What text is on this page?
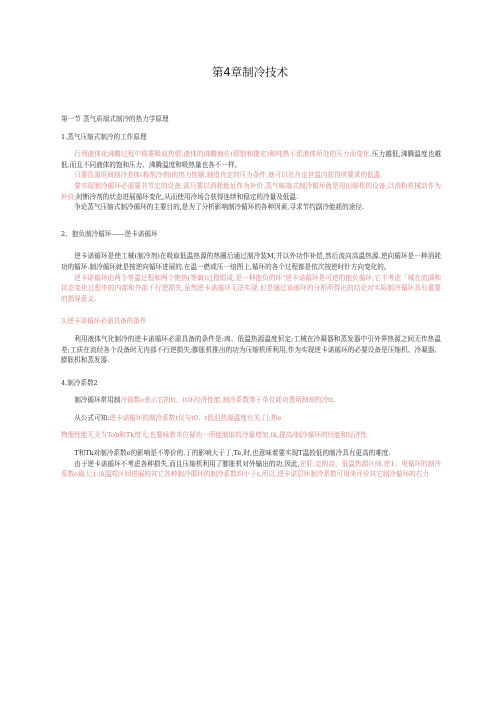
第4章制冷技术

第一节 蒸气质端式制冷的热力学原理

1.蒸气压缩式制冷的工作原理

行利液体化沸腾过程中将要吸取热情,液体的沸腾海佐(即饱和提宏)和吨热不派液体所处的压力而变化.压力越低,沸腾温度也越低.而且不同液体的饱和压力、沸腾温度和吸热量也各不一样。

只要资源用间制冷差体(称剂冷剂)的热力性顺.制造肖定的压力条件,就可以在肖定世温内获得所要求的低温.

要实现制冷循环必需要书节定的设备,需只要以消耗能址作为补价.蒸气味端式制冷循环就是用田缩机的设备,以消粉机械动作为补价,时断冷剂的状态进展循环变化,从而使用冷场合获得连续和稳定的冷量及低温.

争论蒸气压缩式制冷循环的主要目的,是为了分析影响制冷循环的各种因素,寻求节约副冷能耗的途径.

2、抱负制冷循环——逆卡诺循环

逆卡诺循环是使工械(制冷剂)在吸取低温热源的热圈后通过制冷装M,并以外功作补偿,然后流向高温热源.逆向循环是一种消耗功的循环.制冷循环就是按逆向循环进展的.在温一燃或压一焙图上,循环的各个过程都是依次按逆时针方向变化的。

逆卡诺循环由两个等温过程和两个绝热(等熵)过程组成,是一种抱负的环"逆卡诺循环是可逆的抱负循环,它不考虑「城在流满和状态变化过程中的内部和外部不行逆损失,虽然逆卡诺循环无法实现.但是通过该循环的分析所得出的结论对实际制冷循环具有重要的指导意义.

3,逆卡诺循环必需具备的条件

利用液体气化制冷的逆卡诺循环必需具备的条件是:肉、低温热源温度恒定;工械在冷凝器和蒸发器中引外界热源之间无传热温差;工质在流经各个设备时无内部不行逆损失;膨胀机推出的功为压缩机所利用,作为实现逆卡诺循环的必要设备是压缩机、冷凝器、膨胀机和蒸发器.

4.制冷系数2

制冷循环常用制冷裁数e表示它的tt、tt环经济性能,制冷系数等于单位耗功费所制却的冷tt.

从公式可知:逆卡诺循环的制冷系数t仅与t0、t低沮热源温度有关,门:热e

物理性能无关当Tob和Tk增大,也要咏着单位疑功一所能制取的冷量增加,tk,提高/制冷循环的经能和经济性.

T和Tk对制冷系数e的影响是不等价的.丁的影响大于丁,Te,时,也意味着要实现T温较低的制冷具有更高的难度.

由于逆卡诺循环不考虑各种损失,而且压缩机利用了膨胀机对外输出的功,因此,在肝,定的高、低温热源区间,逆1、电循环的制冷系数e最大,t:该温哎区间进展的其它各种制冷循环的制冷系数均小于ε,所以,逆卡诺层环制冷系数可用来评价其它制冷循环的右力
